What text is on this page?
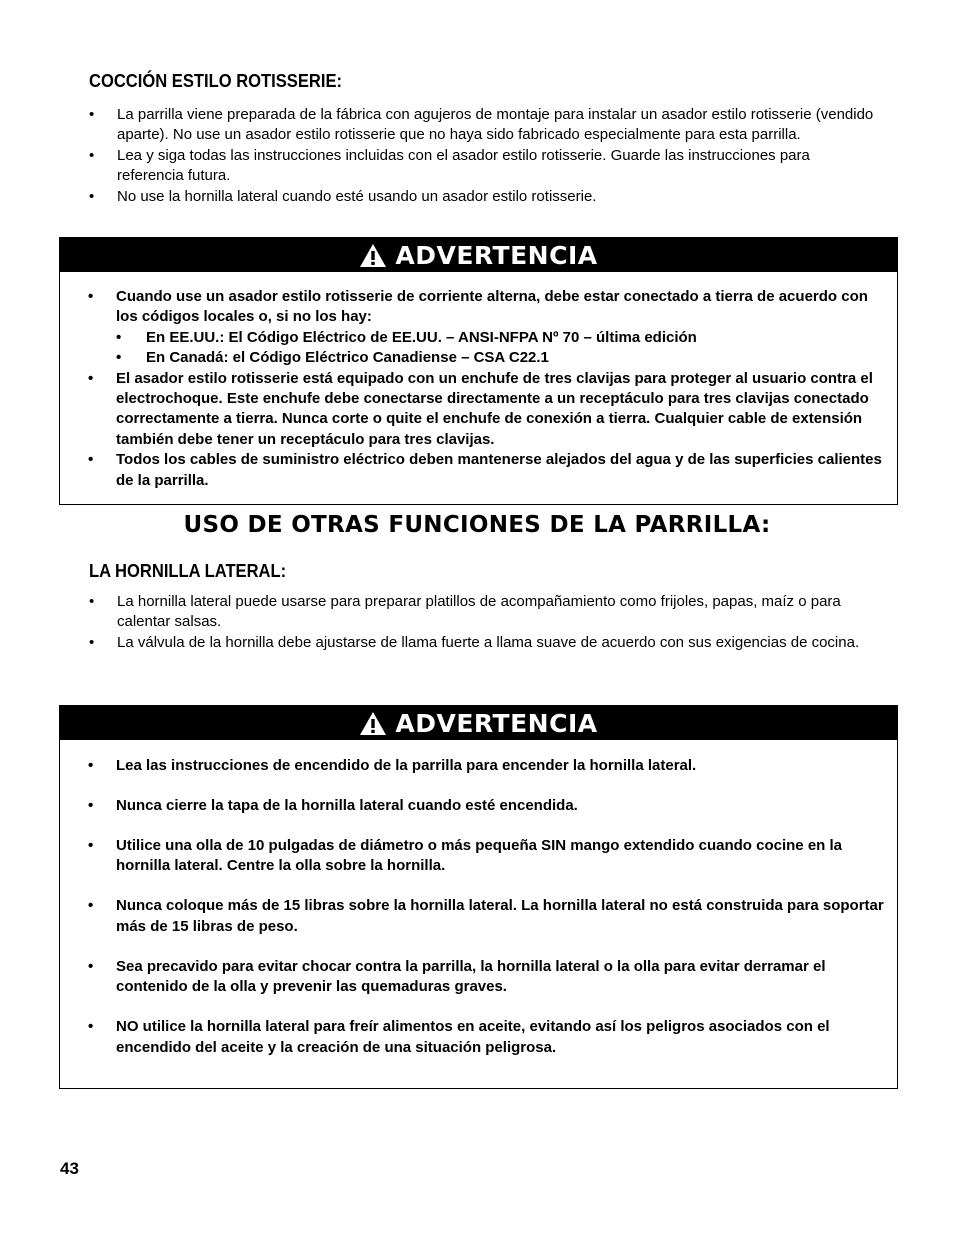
COCCIÓN ESTILO ROTISSERIE:
• La parrilla viene preparada de la fábrica con agujeros de montaje para instalar un asador estilo rotisserie (vendido aparte). No use un asador estilo rotisserie que no haya sido fabricado especialmente para esta parrilla.
• Lea y siga todas las instrucciones incluidas con el asador estilo rotisserie. Guarde las instrucciones para referencia futura.
• No use la hornilla lateral cuando esté usando un asador estilo rotisserie.
ADVERTENCIA
• Cuando use un asador estilo rotisserie de corriente alterna, debe estar conectado a tierra de acuerdo con los códigos locales o, si no los hay:
• En EE.UU.: El Código Eléctrico de EE.UU. – ANSI-NFPA Nº 70 – última edición
• En Canadá: el Código Eléctrico Canadiense – CSA C22.1
• El asador estilo rotisserie está equipado con un enchufe de tres clavijas para proteger al usuario contra el electrochoque. Este enchufe debe conectarse directamente a un receptáculo para tres clavijas conectado correctamente a tierra. Nunca corte o quite el enchufe de conexión a tierra. Cualquier cable de extensión también debe tener un receptáculo para tres clavijas.
• Todos los cables de suministro eléctrico deben mantenerse alejados del agua y de las superficies calientes de la parrilla.
USO DE OTRAS FUNCIONES DE LA PARRILLA:
LA HORNILLA LATERAL:
• La hornilla lateral puede usarse para preparar platillos de acompañamiento como frijoles, papas, maíz o para calentar salsas.
• La válvula de la hornilla debe ajustarse de llama fuerte a llama suave de acuerdo con sus exigencias de cocina.
ADVERTENCIA
• Lea las instrucciones de encendido de la parrilla para encender la hornilla lateral.
• Nunca cierre la tapa de la hornilla lateral cuando esté encendida.
• Utilice una olla de 10 pulgadas de diámetro o más pequeña SIN mango extendido cuando cocine en la hornilla lateral. Centre la olla sobre la hornilla.
• Nunca coloque más de 15 libras sobre la hornilla lateral. La hornilla lateral no está construida para soportar más de 15 libras de peso.
• Sea precavido para evitar chocar contra la parrilla, la hornilla lateral o la olla para evitar derramar el contenido de la olla y prevenir las quemaduras graves.
• NO utilice la hornilla lateral para freír alimentos en aceite, evitando así los peligros asociados con el encendido del aceite y la creación de una situación peligrosa.
43
